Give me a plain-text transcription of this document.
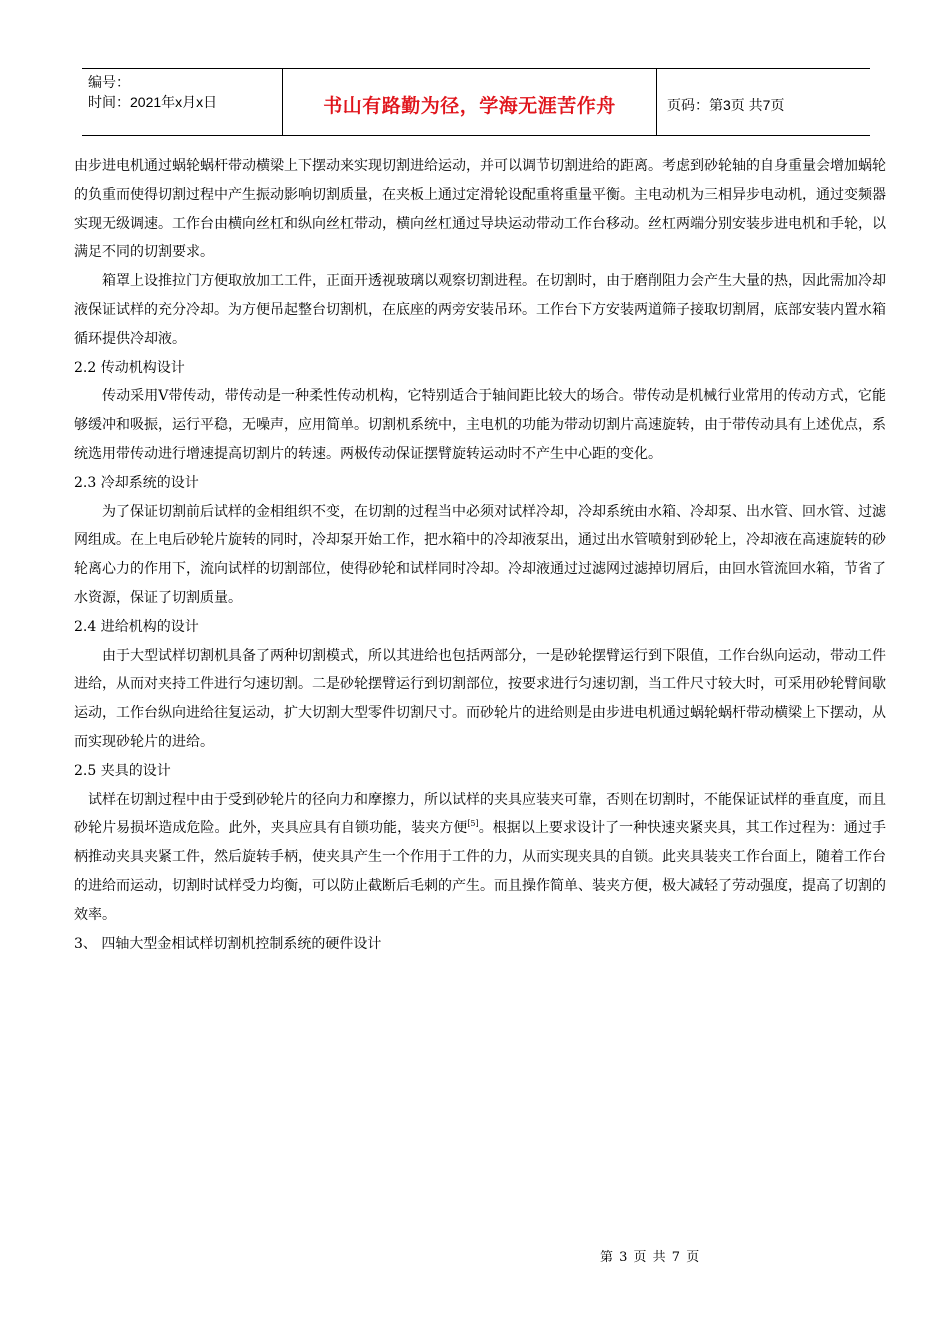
编号：
时间：2021年x月x日	书山有路勤为径，学海无涯苦作舟	页码：第3页 共7页

由步进电机通过蜗轮蜗杆带动横梁上下摆动来实现切割进给运动，并可以调节切割进给的距离。考虑到砂轮轴的自身重量会增加蜗轮的负重而使得切割过程中产生振动影响切割质量，在夹板上通过定滑轮设配重将重量平衡。主电动机为三相异步电动机，通过变频器实现无级调速。工作台由横向丝杠和纵向丝杠带动，横向丝杠通过导块运动带动工作台移动。丝杠两端分别安装步进电机和手轮，以满足不同的切割要求。

箱罩上设推拉门方便取放加工工件，正面开透视玻璃以观察切割进程。在切割时，由于磨削阻力会产生大量的热，因此需加冷却液保证试样的充分冷却。为方便吊起整台切割机，在底座的两旁安装吊环。工作台下方安装两道筛子接取切割屑，底部安装内置水箱循环提供冷却液。

2.2 传动机构设计

传动采用V带传动，带传动是一种柔性传动机构，它特别适合于轴间距比较大的场合。带传动是机械行业常用的传动方式，它能够缓冲和吸振，运行平稳，无噪声，应用简单。切割机系统中，主电机的功能为带动切割片高速旋转，由于带传动具有上述优点，系统选用带传动进行增速提高切割片的转速。两极传动保证摆臂旋转运动时不产生中心距的变化。

2.3 冷却系统的设计

为了保证切割前后试样的金相组织不变，在切割的过程当中必须对试样冷却，冷却系统由水箱、冷却泵、出水管、回水管、过滤网组成。在上电后砂轮片旋转的同时，冷却泵开始工作，把水箱中的冷却液泵出，通过出水管喷射到砂轮上，冷却液在高速旋转的砂轮离心力的作用下，流向试样的切割部位，使得砂轮和试样同时冷却。冷却液通过过滤网过滤掉切屑后，由回水管流回水箱，节省了水资源，保证了切割质量。

2.4 进给机构的设计

由于大型试样切割机具备了两种切割模式，所以其进给也包括两部分，一是砂轮摆臂运行到下限值，工作台纵向运动，带动工件进给，从而对夹持工件进行匀速切割。二是砂轮摆臂运行到切割部位，按要求进行匀速切割，当工件尺寸较大时，可采用砂轮臂间歇运动，工作台纵向进给往复运动，扩大切割大型零件切割尺寸。而砂轮片的进给则是由步进电机通过蜗轮蜗杆带动横梁上下摆动，从而实现砂轮片的进给。

2.5 夹具的设计

试样在切割过程中由于受到砂轮片的径向力和摩擦力，所以试样的夹具应装夹可靠，否则在切割时，不能保证试样的垂直度，而且砂轮片易损坏造成危险。此外，夹具应具有自锁功能，装夹方便[5]。根据以上要求设计了一种快速夹紧夹具，其工作过程为：通过手柄推动夹具夹紧工件，然后旋转手柄，使夹具产生一个作用于工件的力，从而实现夹具的自锁。此夹具装夹工作台面上，随着工作台的进给而运动，切割时试样受力均衡，可以防止截断后毛刺的产生。而且操作简单、装夹方便，极大减轻了劳动强度，提高了切割的效率。

3、 四轴大型金相试样切割机控制系统的硬件设计

第 3 页 共 7 页
